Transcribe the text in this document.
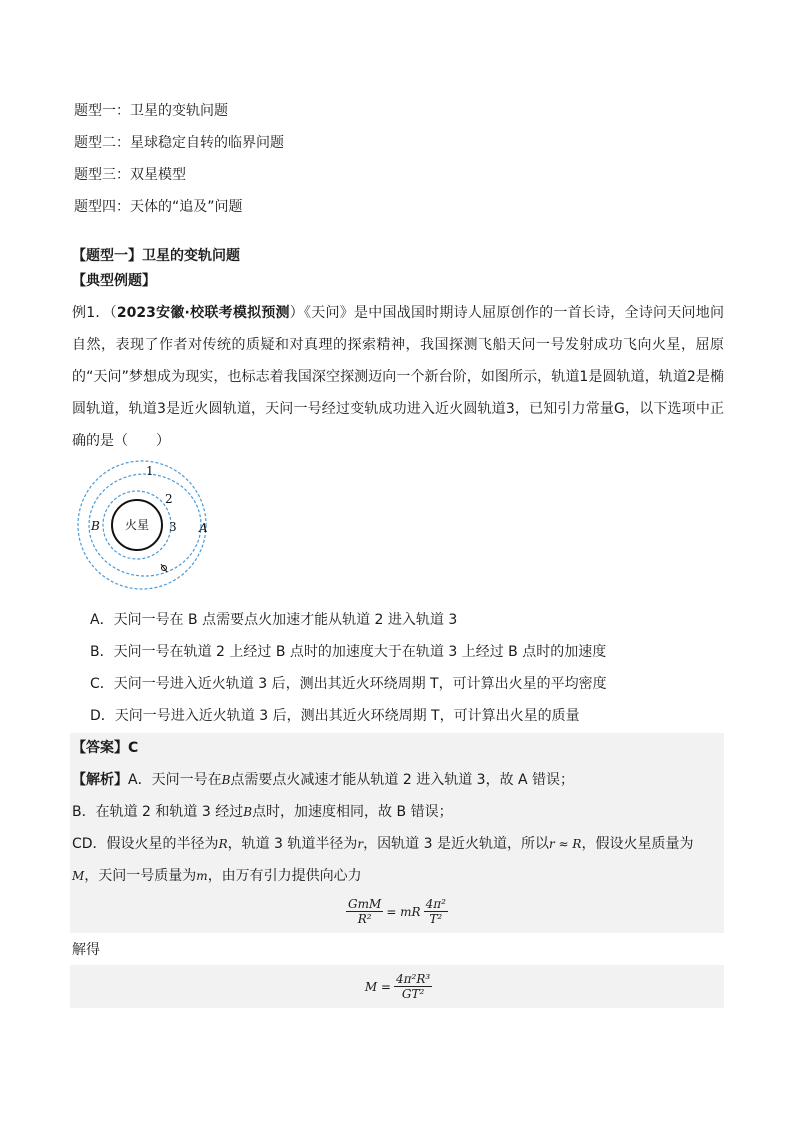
题型一：卫星的变轨问题
题型二：星球稳定自转的临界问题
题型三：双星模型
题型四：天体的“追及”问题
【题型一】卫星的变轨问题
【典型例题】

例1．（2023安徽·校联考模拟预测）《天问》是中国战国时期诗人屈原创作的一首长诗，全诗问天问地问自然，表现了作者对传统的质疑和对真理的探索精神，我国探测飞船天问一号发射成功飞向火星，屈原的“天问”梦想成为现实，也标志着我国深空探测迈向一个新台阶，如图所示，轨道1是圆轨道，轨道2是椭圆轨道，轨道3是近火圆轨道，天问一号经过变轨成功进入近火圆轨道3，已知引力常量G，以下选项中正确的是（　　）

火星
1
2
3
B	A
A．天问一号在 B 点需要点火加速才能从轨道 2 进入轨道 3
B．天问一号在轨道 2 上经过 B 点时的加速度大于在轨道 3 上经过 B 点时的加速度
C．天问一号进入近火轨道 3 后，测出其近火环绕周期 T，可计算出火星的平均密度
D．天问一号进入近火轨道 3 后，测出其近火环绕周期 T，可计算出火星的质量
【答案】C
【解析】A．天问一号在B点需要点火减速才能从轨道 2 进入轨道 3，故 A 错误；
B．在轨道 2 和轨道 3 经过B点时，加速度相同，故 B 错误；
CD．假设火星的半径为R，轨道 3 轨道半径为r，因轨道 3 是近火轨道，所以r ≈ R，假设火星质量为
M，天问一号质量为m，由万有引力提供向心力
$\frac{\text{GmM}}{\text{R²}}$ = mR $\frac{\text{4π²}}{\text{T²}}$
解得
$M = \frac{\text{4π²R³}}{\text{GT²}}$
